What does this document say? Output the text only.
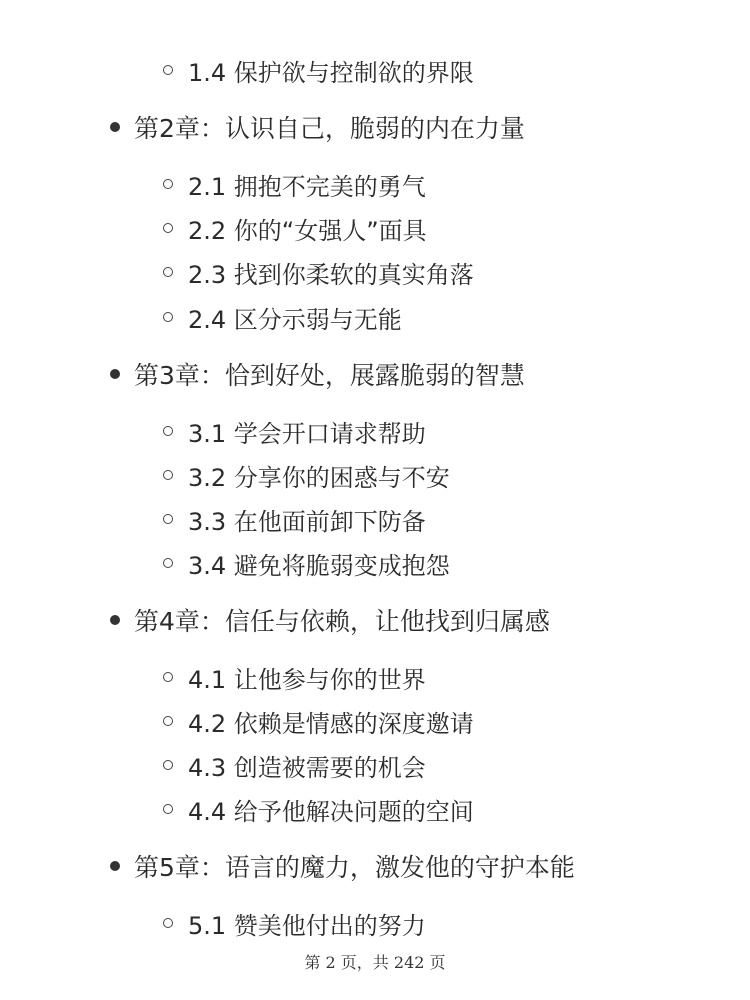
1.4 保护欲与控制欲的界限
第2章：认识自己，脆弱的内在力量
2.1 拥抱不完美的勇气
2.2 你的“女强人”面具
2.3 找到你柔软的真实角落
2.4 区分示弱与无能
第3章：恰到好处，展露脆弱的智慧
3.1 学会开口请求帮助
3.2 分享你的困惑与不安
3.3 在他面前卸下防备
3.4 避免将脆弱变成抱怨
第4章：信任与依赖，让他找到归属感
4.1 让他参与你的世界
4.2 依赖是情感的深度邀请
4.3 创造被需要的机会
4.4 给予他解决问题的空间
第5章：语言的魔力，激发他的守护本能
5.1 赞美他付出的努力
第 2 页，共 242 页
